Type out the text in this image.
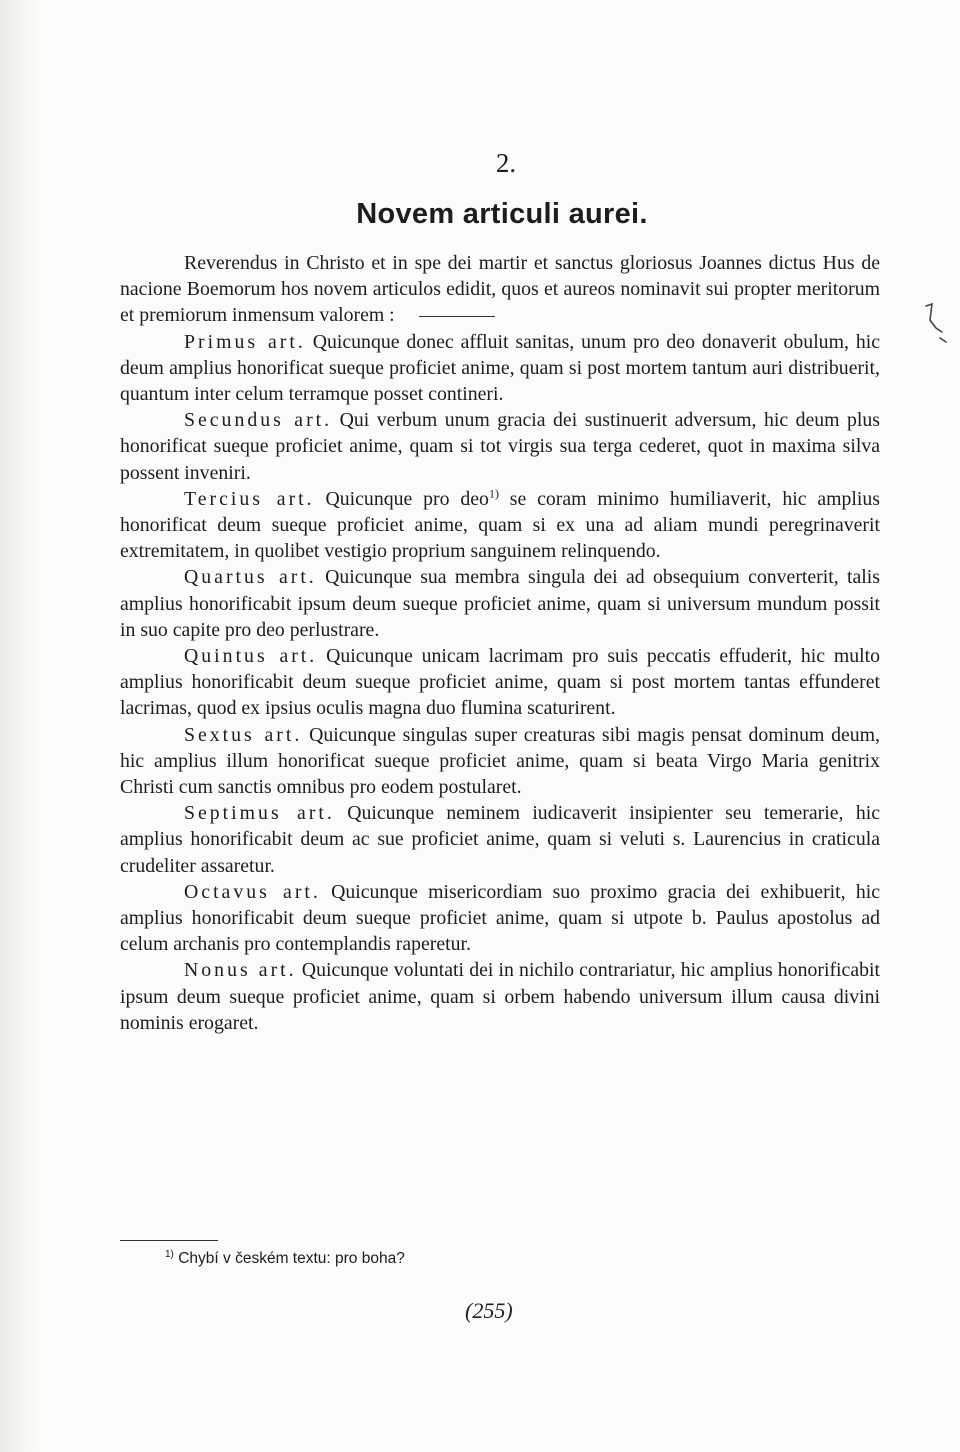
2.
Novem articuli aurei.

Reverendus in Christo et in spe dei martir et sanctus gloriosus Joannes dictus Hus de nacione Boemorum hos novem articulos edidit, quos et aureos nominavit sui propter meritorum et premiorum inmensum valorem :

Primus art. Quicunque donec affluit sanitas, unum pro deo donaverit obulum, hic deum amplius honorificat sueque proficiet anime, quam si post mortem tantum auri distribuerit, quantum inter celum terramque posset contineri.

Secundus art. Qui verbum unum gracia dei sustinuerit adversum, hic deum plus honorificat sueque proficiet anime, quam si tot virgis sua terga cederet, quot in maxima silva possent inveniri.

Tercius art. Quicunque pro deo$^{1)}$ se coram minimo humiliaverit, hic amplius honorificat deum sueque proficiet anime, quam si ex una ad aliam mundi peregrinaverit extremitatem, in quolibet vestigio proprium sanguinem relinquendo.

Quartus art. Quicunque sua membra singula dei ad obsequium converterit, talis amplius honorificabit ipsum deum sueque proficiet anime, quam si universum mundum possit in suo capite pro deo perlustrare.

Quintus art. Quicunque unicam lacrimam pro suis peccatis effuderit, hic multo amplius honorificabit deum sueque proficiet anime, quam si post mortem tantas effunderet lacrimas, quod ex ipsius oculis magna duo flumina scaturirent.

Sextus art. Quicunque singulas super creaturas sibi magis pensat dominum deum, hic amplius illum honorificat sueque proficiet anime, quam si beata Virgo Maria genitrix Christi cum sanctis omnibus pro eodem postularet.

Septimus art. Quicunque neminem iudicaverit insipienter seu temerarie, hic amplius honorificabit deum ac sue proficiet anime, quam si veluti s. Laurencius in craticula crudeliter assaretur.

Octavus art. Quicunque misericordiam suo proximo gracia dei exhibuerit, hic amplius honorificabit deum sueque proficiet anime, quam si utpote b. Paulus apostolus ad celum archanis pro contemplandis raperetur.

Nonus art. Quicunque voluntati dei in nichilo contrariatur, hic amplius honorificabit ipsum deum sueque proficiet anime, quam si orbem habendo universum illum causa divini nominis erogaret.

$^{1)}$ Chybí v českém textu: pro boha?
(255)
